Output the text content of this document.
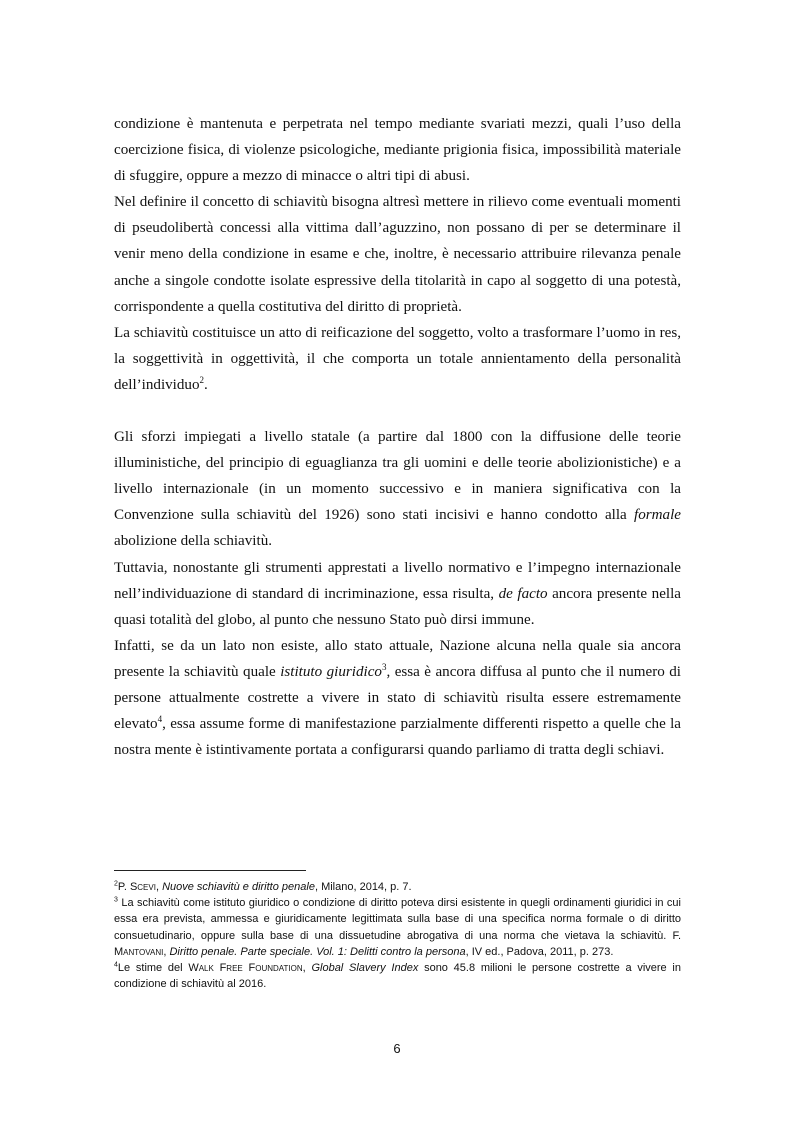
condizione è mantenuta e perpetrata nel tempo mediante svariati mezzi, quali l’uso della coercizione fisica, di violenze psicologiche, mediante prigionia fisica, impossibilità materiale di sfuggire, oppure a mezzo di minacce o altri tipi di abusi.

Nel definire il concetto di schiavitù bisogna altresì mettere in rilievo come eventuali momenti di pseudolibertà concessi alla vittima dall’aguzzino, non possano di per se determinare il venir meno della condizione in esame e che, inoltre, è necessario attribuire rilevanza penale anche a singole condotte isolate espressive della titolarità in capo al soggetto di una potestà, corrispondente a quella costitutiva del diritto di proprietà.

La schiavitù costituisce un atto di reificazione del soggetto, volto a trasformare l’uomo in res, la soggettività in oggettività, il che comporta un totale annientamento della personalità dell’individuo$^2$.

Gli sforzi impiegati a livello statale (a partire dal 1800 con la diffusione delle teorie illuministiche, del principio di eguaglianza tra gli uomini e delle teorie abolizionistiche) e a livello internazionale (in un momento successivo e in maniera significativa con la Convenzione sulla schiavitù del 1926) sono stati incisivi e hanno condotto alla formale abolizione della schiavitù.

Tuttavia, nonostante gli strumenti apprestati a livello normativo e l’impegno internazionale nell’individuazione di standard di incriminazione, essa risulta, de facto ancora presente nella quasi totalità del globo, al punto che nessuno Stato può dirsi immune.

Infatti, se da un lato non esiste, allo stato attuale, Nazione alcuna nella quale sia ancora presente la schiavitù quale istituto giuridico$^3$, essa è ancora diffusa al punto che il numero di persone attualmente costrette a vivere in stato di schiavitù risulta essere estremamente elevato$^4$, essa assume forme di manifestazione parzialmente differenti rispetto a quelle che la nostra mente è istintivamente portata a configurarsi quando parliamo di tratta degli schiavi.

$^2$P. Scevi, Nuove schiavitù e diritto penale, Milano, 2014, p. 7.

$^3$ La schiavitù come istituto giuridico o condizione di diritto poteva dirsi esistente in quegli ordinamenti giuridici in cui essa era prevista, ammessa e giuridicamente legittimata sulla base di una specifica norma formale o di diritto consuetudinario, oppure sulla base di una dissuetudine abrogativa di una norma che vietava la schiavitù. F. Mantovani, Diritto penale. Parte speciale. Vol. 1: Delitti contro la persona, IV ed., Padova, 2011, p. 273.

$^4$Le stime del Walk Free Foundation, Global Slavery Index sono 45.8 milioni le persone costrette a vivere in condizione di schiavitù al 2016.

6
